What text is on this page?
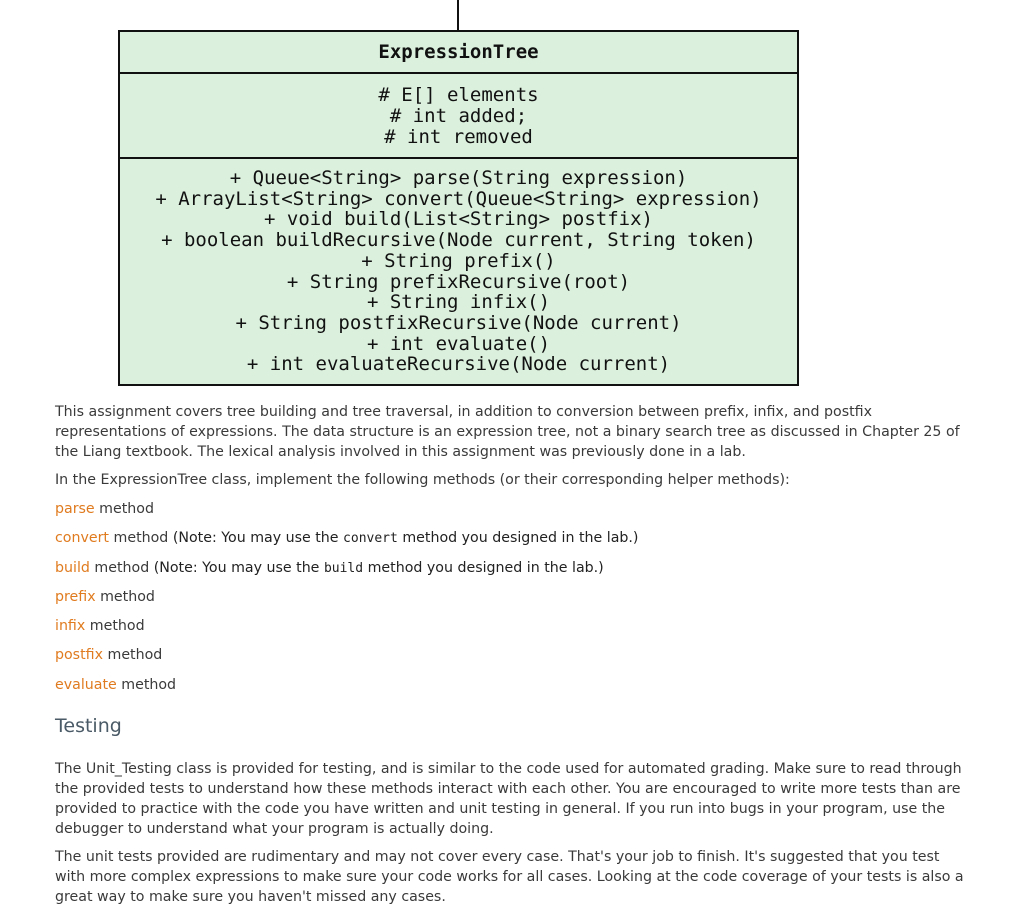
ExpressionTree
# E[] elements
# int added;
# int removed
+ Queue<String> parse(String expression)
+ ArrayList<String> convert(Queue<String> expression)
+ void build(List<String> postfix)
+ boolean buildRecursive(Node current, String token)
+ String prefix()
+ String prefixRecursive(root)
+ String infix()
+ String postfixRecursive(Node current)
+ int evaluate()
+ int evaluateRecursive(Node current)

This assignment covers tree building and tree traversal, in addition to conversion between prefix, infix, and postfix representations of expressions. The data structure is an expression tree, not a binary search tree as discussed in Chapter 25 of the Liang textbook. The lexical analysis involved in this assignment was previously done in a lab.

In the ExpressionTree class, implement the following methods (or their corresponding helper methods):

parse method

convert method (Note: You may use the convert method you designed in the lab.)

build method (Note: You may use the build method you designed in the lab.)

prefix method

infix method

postfix method

evaluate method

Testing

The Unit_Testing class is provided for testing, and is similar to the code used for automated grading. Make sure to read through the provided tests to understand how these methods interact with each other. You are encouraged to write more tests than are provided to practice with the code you have written and unit testing in general. If you run into bugs in your program, use the debugger to understand what your program is actually doing.

The unit tests provided are rudimentary and may not cover every case. That's your job to finish. It's suggested that you test with more complex expressions to make sure your code works for all cases. Looking at the code coverage of your tests is also a great way to make sure you haven't missed any cases.
